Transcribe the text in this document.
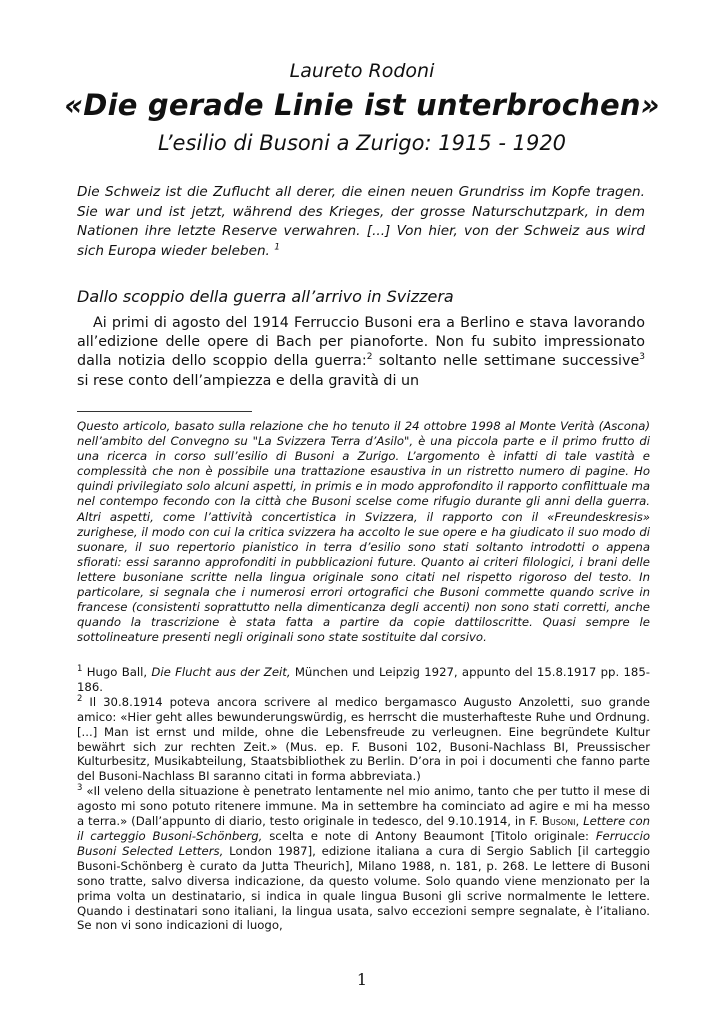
Laureto Rodoni
«Die gerade Linie ist unterbrochen»
L’esilio di Busoni a Zurigo: 1915 - 1920
Die Schweiz ist die Zuflucht all derer, die einen neuen Grundriss im Kopfe tragen. Sie war und ist jetzt, während des Krieges, der grosse Naturschutzpark, in dem Nationen ihre letzte Reserve verwahren. [...] Von hier, von der Schweiz aus wird sich Europa wieder beleben. $^1$
Dallo scoppio della guerra all’arrivo in Svizzera
Ai primi di agosto del 1914 Ferruccio Busoni era a Berlino e stava lavorando all’edizione delle opere di Bach per pianoforte. Non fu subito impressionato dalla notizia dello scoppio della guerra:$^2$ soltanto nelle settimane successive$^3$ si rese conto dell’ampiezza e della gravità di un
Questo articolo, basato sulla relazione che ho tenuto il 24 ottobre 1998 al Monte Verità (Ascona) nell’ambito del Convegno su "La Svizzera Terra d’Asilo", è una piccola parte e il primo frutto di una ricerca in corso sull’esilio di Busoni a Zurigo. L’argomento è infatti di tale vastità e complessità che non è possibile una trattazione esaustiva in un ristretto numero di pagine. Ho quindi privilegiato solo alcuni aspetti, in primis e in modo approfondito il rapporto conflittuale ma nel contempo fecondo con la città che Busoni scelse come rifugio durante gli anni della guerra. Altri aspetti, come l’attività concertistica in Svizzera, il rapporto con il «Freundeskresis» zurighese, il modo con cui la critica svizzera ha accolto le sue opere e ha giudicato il suo modo di suonare, il suo repertorio pianistico in terra d’esilio sono stati soltanto introdotti o appena sfiorati: essi saranno approfonditi in pubblicazioni future. Quanto ai criteri filologici, i brani delle lettere busoniane scritte nella lingua originale sono citati nel rispetto rigoroso del testo. In particolare, si segnala che i numerosi errori ortografici che Busoni commette quando scrive in francese (consistenti soprattutto nella dimenticanza degli accenti) non sono stati corretti, anche quando la trascrizione è stata fatta a partire da copie dattiloscritte. Quasi sempre le sottolineature presenti negli originali sono state sostituite dal corsivo.

$^1$ Hugo Ball, Die Flucht aus der Zeit, München und Leipzig 1927, appunto del 15.8.1917 pp. 185-186.

$^2$ Il 30.8.1914 poteva ancora scrivere al medico bergamasco Augusto Anzoletti, suo grande amico: «Hier geht alles bewunderungswürdig, es herrscht die musterhafteste Ruhe und Ordnung. [...] Man ist ernst und milde, ohne die Lebensfreude zu verleugnen. Eine begründete Kultur bewährt sich zur rechten Zeit.» (Mus. ep. F. Busoni 102, Busoni-Nachlass BI, Preussischer Kulturbesitz, Musikabteilung, Staatsbibliothek zu Berlin. D’ora in poi i documenti che fanno parte del Busoni-Nachlass BI saranno citati in forma abbreviata.)

$^3$ «Il veleno della situazione è penetrato lentamente nel mio animo, tanto che per tutto il mese di agosto mi sono potuto ritenere immune. Ma in settembre ha cominciato ad agire e mi ha messo a terra.» (Dall’appunto di diario, testo originale in tedesco, del 9.10.1914, in F. Busoni, Lettere con il carteggio Busoni-Schönberg, scelta e note di Antony Beaumont [Titolo originale: Ferruccio Busoni Selected Letters, London 1987], edizione italiana a cura di Sergio Sablich [il carteggio Busoni-Schönberg è curato da Jutta Theurich], Milano 1988, n. 181, p. 268. Le lettere di Busoni sono tratte, salvo diversa indicazione, da questo volume. Solo quando viene menzionato per la prima volta un destinatario, si indica in quale lingua Busoni gli scrive normalmente le lettere. Quando i destinatari sono italiani, la lingua usata, salvo eccezioni sempre segnalate, è l’italiano. Se non vi sono indicazioni di luogo,

1
